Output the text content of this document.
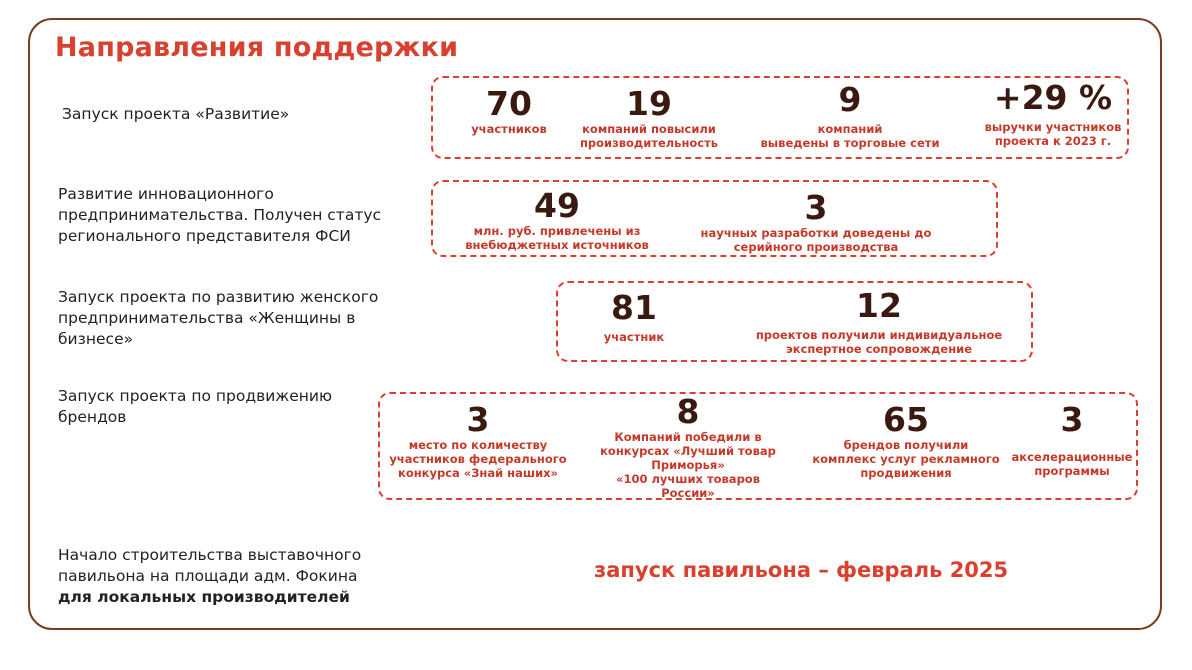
Направления поддержки
Запуск проекта «Развитие»	70
участников
19
компаний повысили
производительность
9
компаний
выведены в торговые сети
+29 %
выручки участников
проекта к 2023 г.
Развитие инновационного
предпринимательства. Получен статус
регионального представителя ФСИ
49
млн. руб. привлечены из
внебюджетных источников
3
научных разработки доведены до
серийного производства
Запуск проекта по развитию женского
предпринимательства «Женщины в
бизнесе»
81
участник
12
проектов получили индивидуальное
экспертное сопровождение
Запуск проекта по продвижению
брендов	3
место по количеству
участников федерального
конкурса «Знай наших»
8
Компаний победили в
конкурсах «Лучший товар
Приморья»
«100 лучших товаров России»
65
брендов получили
комплекс услуг рекламного
продвижения
3
акселерационные
программы
Начало строительства выставочного
павильона на площади адм. Фокина
для локальных производителей
запуск павильона – февраль 2025
